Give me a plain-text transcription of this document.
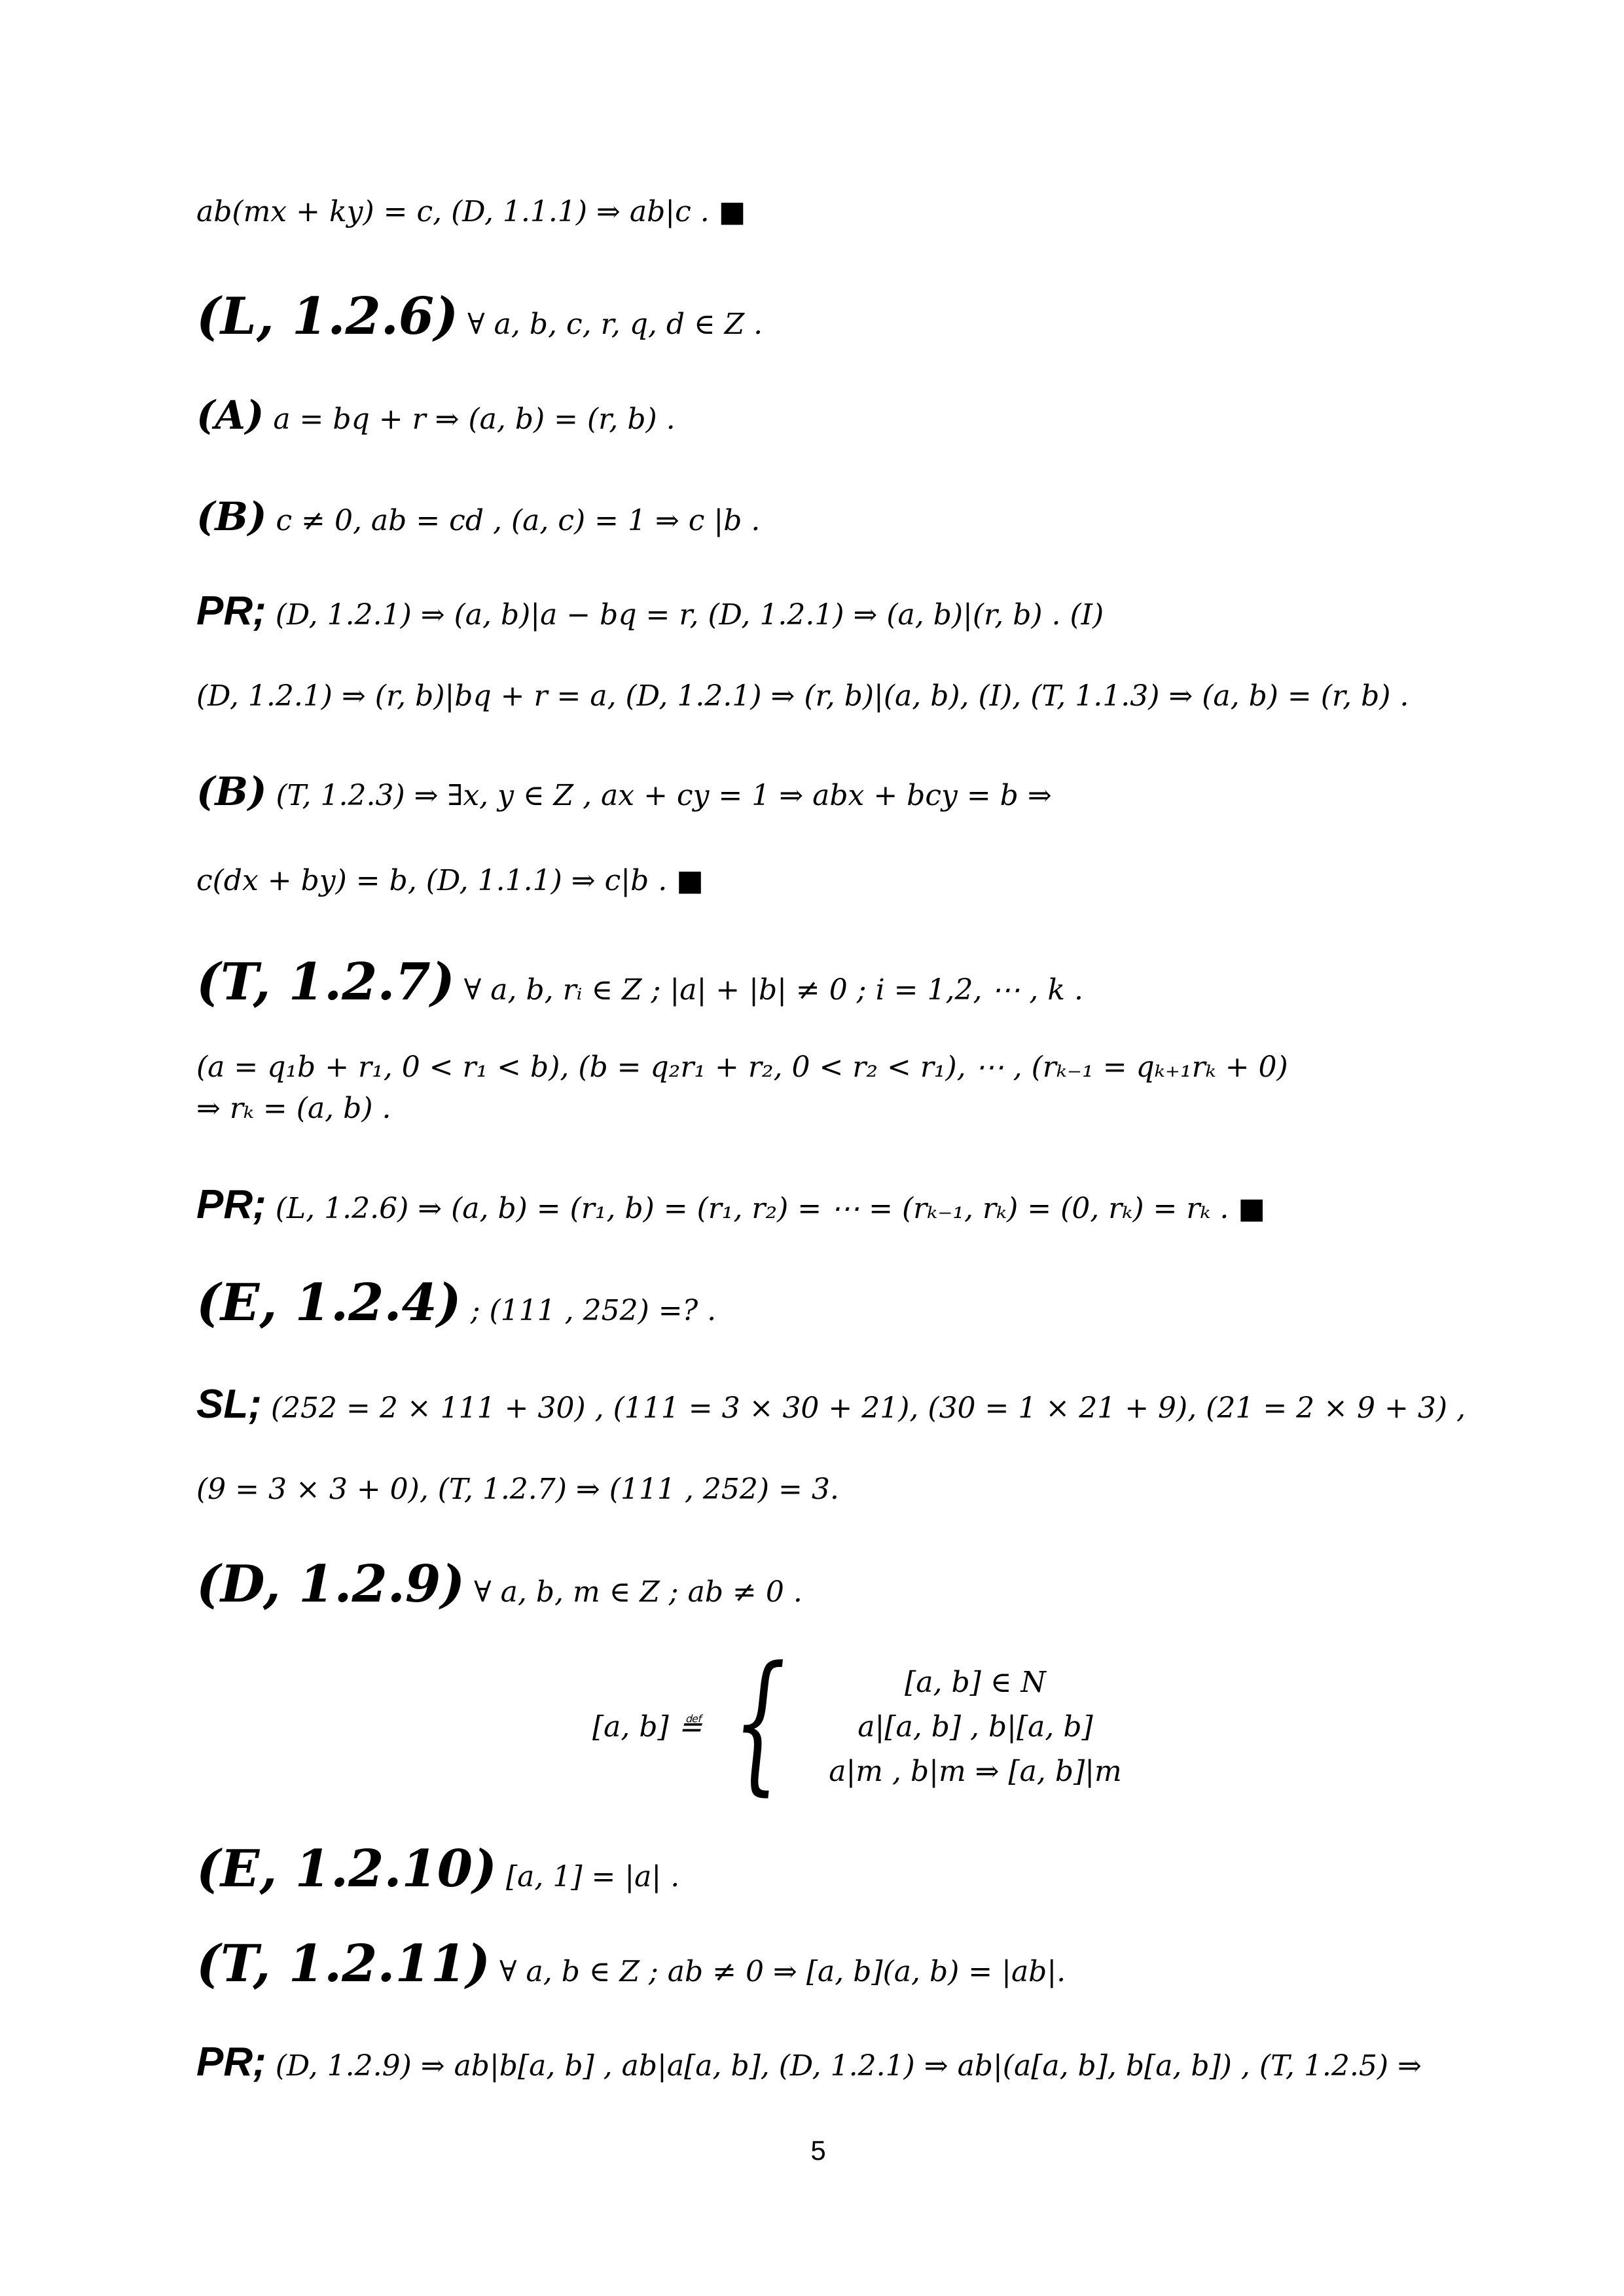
ab(mx + ky) = c, (D, 1.1.1) ⇒ ab|c . ■
(L, 1.2.6) ∀ a, b, c, r, q, d ∈ Z .
(A) a = bq + r ⇒ (a, b) = (r, b) .
(B) c ≠ 0, ab = cd , (a, c) = 1 ⇒ c |b .
PR; (D, 1.2.1) ⇒ (a, b)|a − bq = r, (D, 1.2.1) ⇒ (a, b)|(r, b) . (I)
(D, 1.2.1) ⇒ (r, b)|bq + r = a, (D, 1.2.1) ⇒ (r, b)|(a, b), (I), (T, 1.1.3) ⇒ (a, b) = (r, b) .
(B) (T, 1.2.3) ⇒ ∃x, y ∈ Z , ax + cy = 1 ⇒ abx + bcy = b ⇒
c(dx + by) = b, (D, 1.1.1) ⇒ c|b . ■
(T, 1.2.7) ∀ a, b, rᵢ ∈ Z ; |a| + |b| ≠ 0 ; i = 1,2, ⋯ , k .
(a = q₁b + r₁, 0 < r₁ < b), (b = q₂r₁ + r₂, 0 < r₂ < r₁), ⋯ , (rₖ₋₁ = qₖ₊₁rₖ + 0)
⇒ rₖ = (a, b) .
PR; (L, 1.2.6) ⇒ (a, b) = (r₁, b) = (r₁, r₂) = ⋯ = (rₖ₋₁, rₖ) = (0, rₖ) = rₖ . ■
(E, 1.2.4) ; (111 , 252) =? .
SL; (252 = 2 × 111 + 30) , (111 = 3 × 30 + 21), (30 = 1 × 21 + 9), (21 = 2 × 9 + 3) ,
(9 = 3 × 3 + 0), (T, 1.2.7) ⇒ (111 , 252) = 3.
(D, 1.2.9) ∀ a, b, m ∈ Z ; ab ≠ 0 .
[a, b] ≝ {	[a, b] ∈ N
a|[a, b] , b|[a, b]
a|m , b|m ⇒ [a, b]|m
(E, 1.2.10) [a, 1] = |a| .
(T, 1.2.11) ∀ a, b ∈ Z ; ab ≠ 0 ⇒ [a, b](a, b) = |ab|.
PR; (D, 1.2.9) ⇒ ab|b[a, b] , ab|a[a, b], (D, 1.2.1) ⇒ ab|(a[a, b], b[a, b]) , (T, 1.2.5) ⇒
5
